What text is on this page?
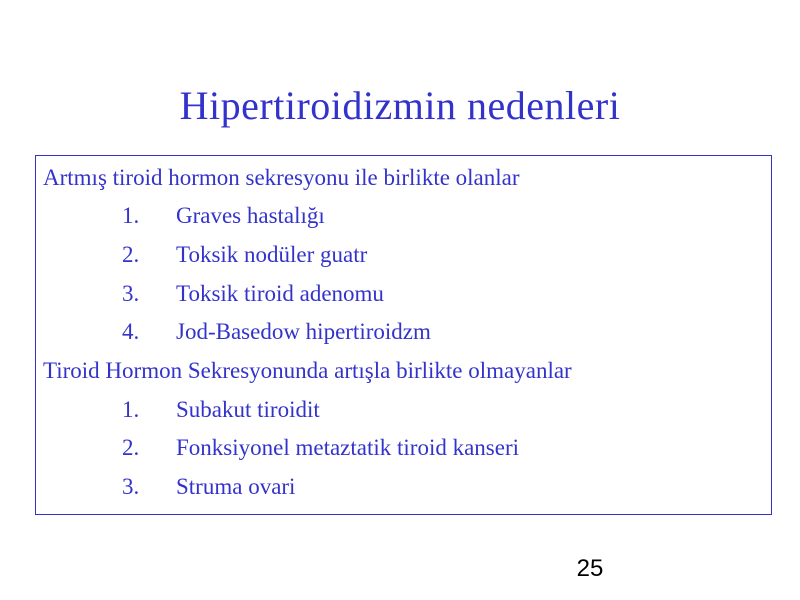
Hipertiroidizmin nedenleri
Artmış tiroid hormon sekresyonu ile birlikte olanlar
1.	Graves hastalığı
2.	Toksik nodüler guatr
3.	Toksik tiroid adenomu
4.	Jod-Basedow hipertiroidzm
Tiroid Hormon Sekresyonunda artışla birlikte olmayanlar
1.	Subakut tiroidit
2.	Fonksiyonel metaztatik tiroid kanseri
3.	Struma ovari
25
